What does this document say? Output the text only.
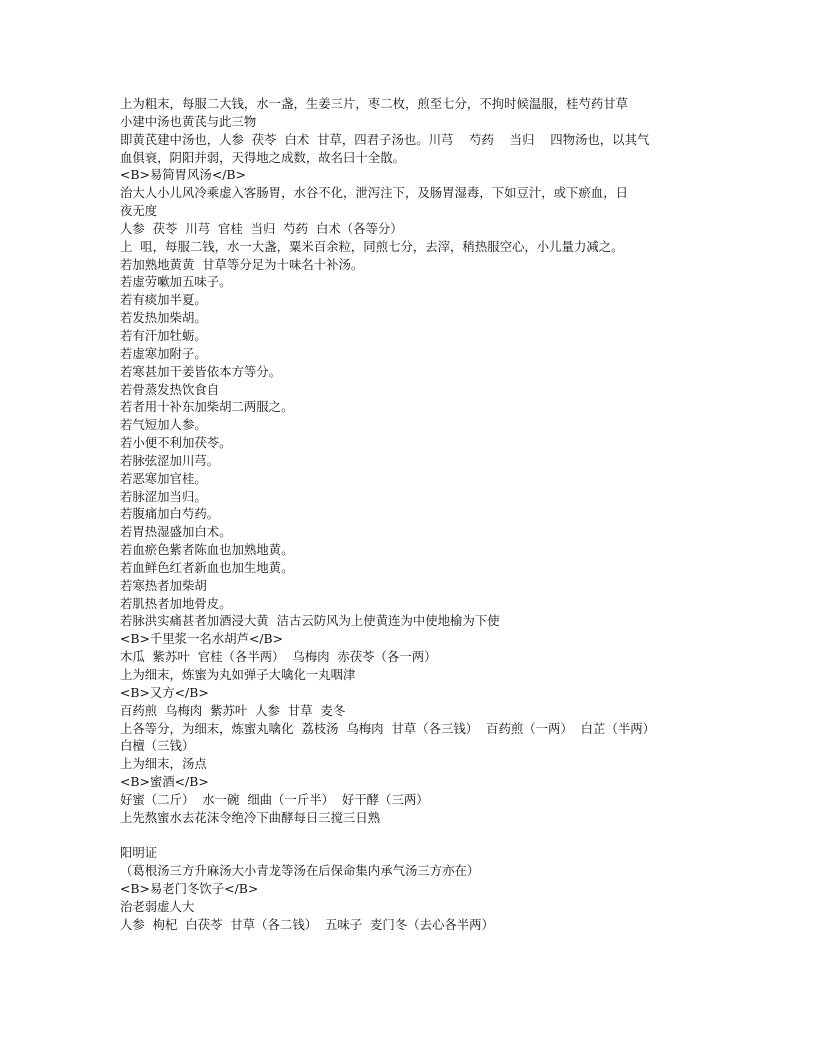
上为粗末，每服二大钱，水一盏，生姜三片，枣二枚，煎至七分，不拘时候温服，桂芍药甘草
小建中汤也黄芪与此三物
即黄芪建中汤也，人参  茯苓  白术  甘草，四君子汤也。川芎    芍药    当归    四物汤也，以其气
血俱衰，阴阳并弱，天得地之成数，故名曰十全散。
<B>易简胃风汤</B>
治大人小儿风冷乘虚入客肠胃，水谷不化，泄泻注下，及肠胃湿毒，下如豆汁，或下瘀血，日
夜无度
人参  茯苓  川芎  官桂  当归  芍药  白术（各等分）
上  咀，每服二钱，水一大盏，粟米百余粒，同煎七分，去滓，稍热服空心，小儿量力减之。
若加熟地黄黄  甘草等分足为十味名十补汤。
若虚劳嗽加五味子。
若有痰加半夏。
若发热加柴胡。
若有汗加牡蛎。
若虚寒加附子。
若寒甚加干姜皆依本方等分。
若骨蒸发热饮食自
若者用十补东加柴胡二两服之。
若气短加人参。
若小便不利加茯苓。
若脉弦涩加川芎。
若恶寒加官桂。
若脉涩加当归。
若腹痛加白芍药。
若胃热湿盛加白术。
若血瘀色紫者陈血也加熟地黄。
若血鲜色红者新血也加生地黄。
若寒热者加柴胡
若肌热者加地骨皮。
若脉洪实痛甚者加酒浸大黄  洁古云防风为上使黄连为中使地榆为下使
<B>千里浆一名水胡芦</B>
木瓜  紫苏叶  官桂（各半两）  乌梅肉  赤茯苓（各一两）
上为细末，炼蜜为丸如弹子大噙化一丸咽津
<B>又方</B>
百药煎  乌梅肉  紫苏叶  人参  甘草  麦冬
上各等分，为细末，炼蜜丸噙化  荔枝汤  乌梅肉  甘草（各三钱）  百药煎（一两）  白芷（半两）
白檀（三钱）
上为细末，汤点
<B>蜜酒</B>
好蜜（二斤）  水一碗  细曲（一斤半）  好干酵（三两）
上先熬蜜水去花沫令绝冷下曲酵每日三搅三日熟
阳明证
（葛根汤三方升麻汤大小青龙等汤在后保命集内承气汤三方亦在）
<B>易老门冬饮子</B>
治老弱虚人大
人参  枸杞  白茯苓  甘草（各二钱）  五味子  麦门冬（去心各半两）
